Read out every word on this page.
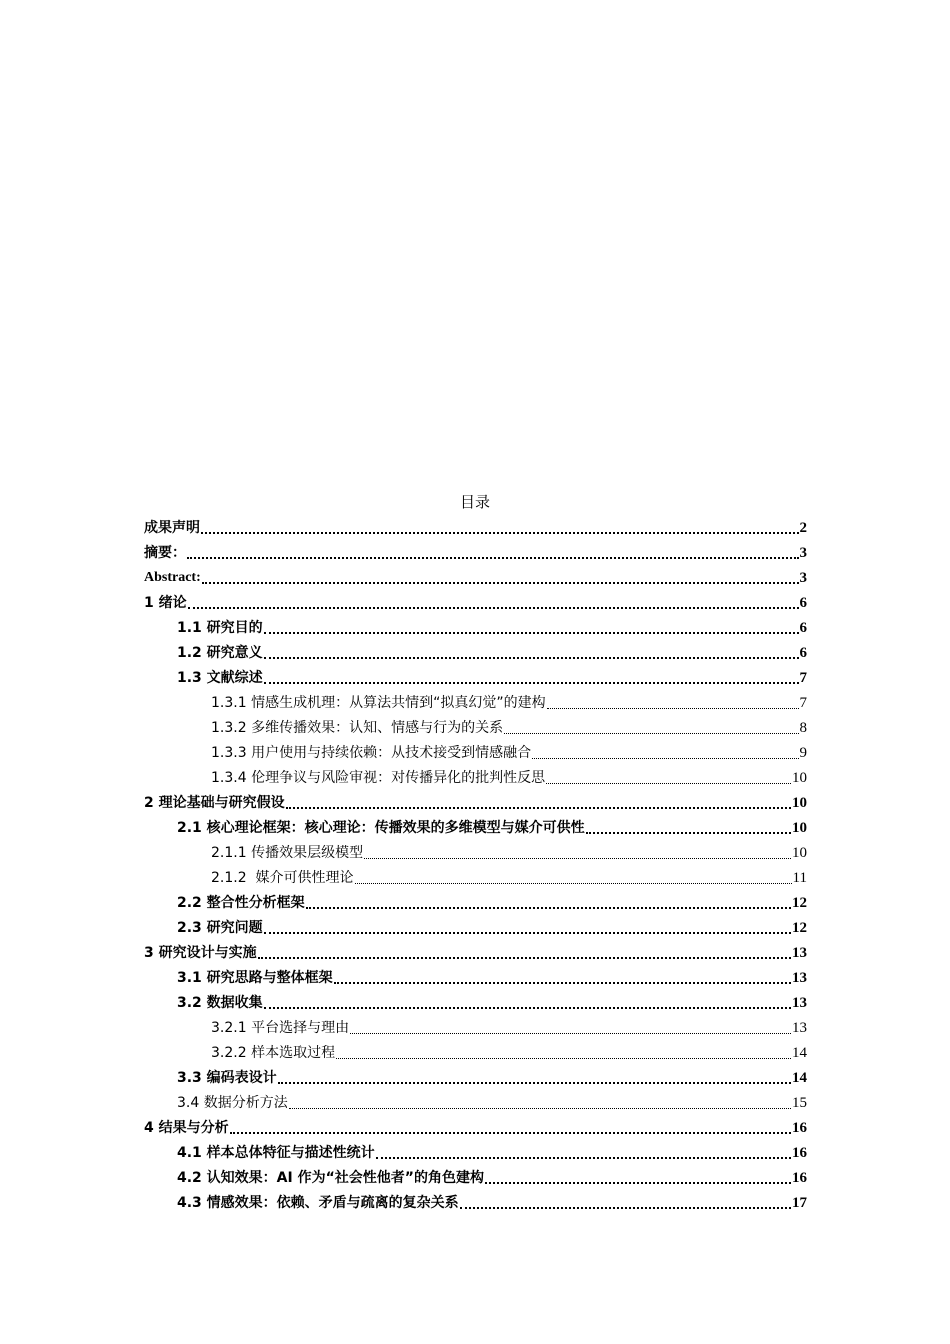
目录
成果声明	2
摘要：	3
Abstract:	3
1 绪论	6
1.1 研究目的	6
1.2 研究意义	6
1.3 文献综述	7
1.3.1 情感生成机理：从算法共情到“拟真幻觉”的建构	7
1.3.2 多维传播效果：认知、情感与行为的关系	8
1.3.3 用户使用与持续依赖：从技术接受到情感融合	9
1.3.4 伦理争议与风险审视：对传播异化的批判性反思	10
2 理论基础与研究假设	10
2.1 核心理论框架：核心理论：传播效果的多维模型与媒介可供性	10
2.1.1 传播效果层级模型	10
2.1.2  媒介可供性理论	11
2.2 整合性分析框架	12
2.3 研究问题	12
3 研究设计与实施	13
3.1 研究思路与整体框架	13
3.2 数据收集	13
3.2.1 平台选择与理由	13
3.2.2 样本选取过程	14
3.3 编码表设计	14
3.4 数据分析方法	15
4 结果与分析	16
4.1 样本总体特征与描述性统计	16
4.2 认知效果：AI 作为“社会性他者”的角色建构	16
4.3 情感效果：依赖、矛盾与疏离的复杂关系	17
